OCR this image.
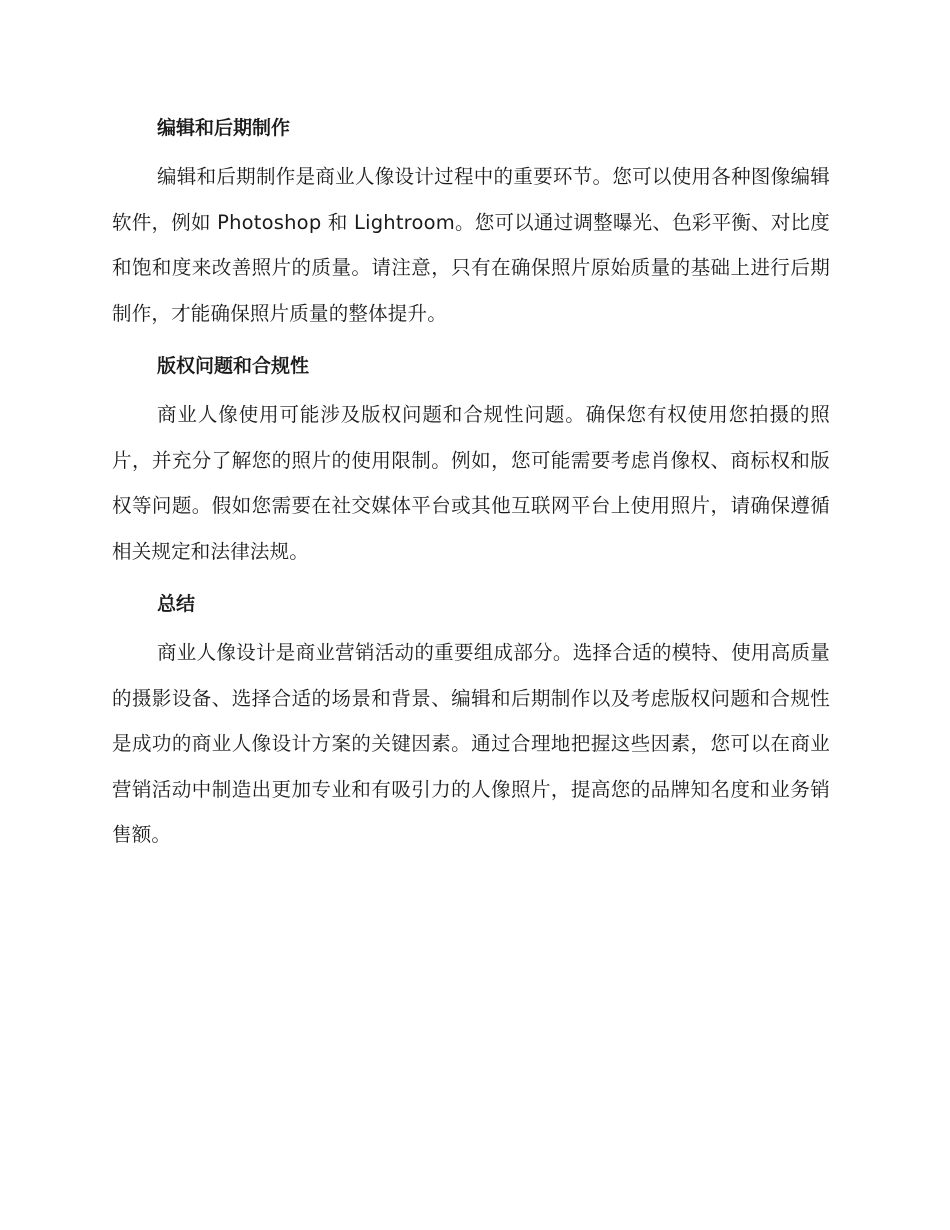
编辑和后期制作

编辑和后期制作是商业人像设计过程中的重要环节。您可以使用各种图像编辑软件，例如 Photoshop 和 Lightroom。您可以通过调整曝光、色彩平衡、对比度和饱和度来改善照片的质量。请注意，只有在确保照片原始质量的基础上进行后期制作，才能确保照片质量的整体提升。

版权问题和合规性

商业人像使用可能涉及版权问题和合规性问题。确保您有权使用您拍摄的照片，并充分了解您的照片的使用限制。例如，您可能需要考虑肖像权、商标权和版权等问题。假如您需要在社交媒体平台或其他互联网平台上使用照片，请确保遵循相关规定和法律法规。

总结

商业人像设计是商业营销活动的重要组成部分。选择合适的模特、使用高质量的摄影设备、选择合适的场景和背景、编辑和后期制作以及考虑版权问题和合规性是成功的商业人像设计方案的关键因素。通过合理地把握这些因素，您可以在商业营销活动中制造出更加专业和有吸引力的人像照片，提高您的品牌知名度和业务销售额。
